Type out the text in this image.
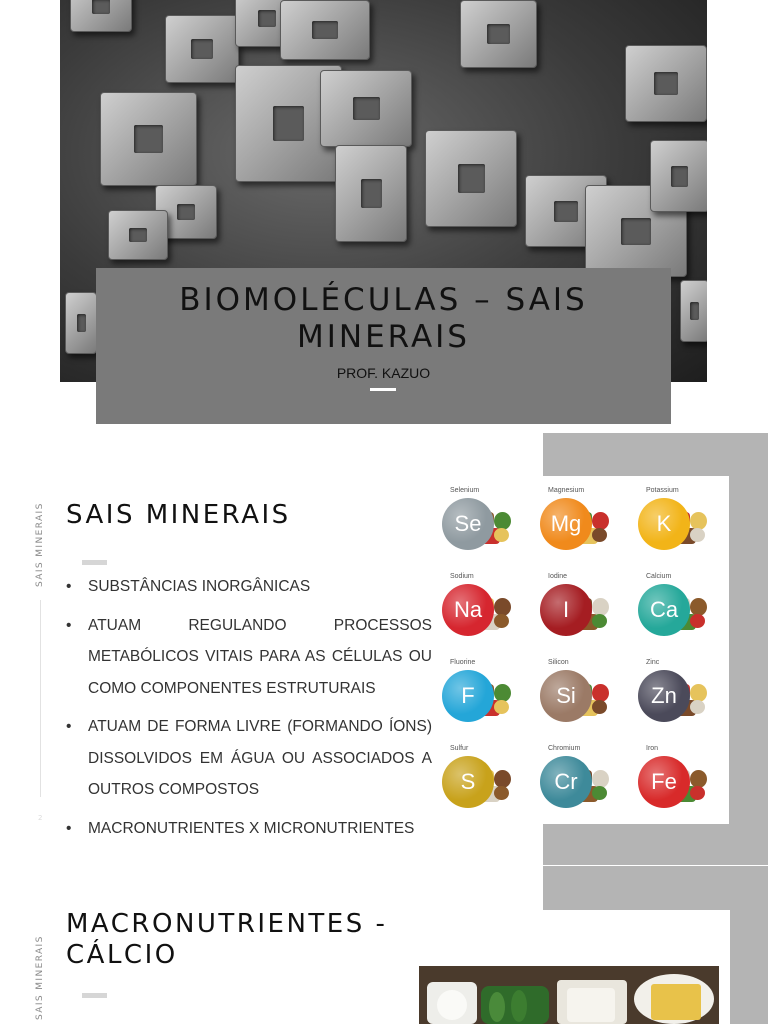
BIOMOLÉCULAS – SAIS MINERAIS
PROF. KAZUO
SAIS MINERAIS
2
SAIS MINERAIS
• SUBSTÂNCIAS INORGÂNICAS
• ATUAM REGULANDO PROCESSOS METABÓLICOS VITAIS PARA AS CÉLULAS OU COMO COMPONENTES ESTRUTURAIS
• ATUAM DE FORMA LIVRE (FORMANDO ÍONS) DISSOLVIDOS EM ÁGUA OU ASSOCIADOS A OUTROS COMPOSTOS
• MACRONUTRIENTES X MICRONUTRIENTES
Selenium
Se
Magnesium
Mg
Potassium
K
Sodium
Na
Iodine
I
Calcium
Ca
Fluorine
F
Silicon
Si
Zinc
Zn
Sulfur
S
Chromium
Cr
Iron
Fe
SAIS MINERAIS
MACRONUTRIENTES -
CÁLCIO
